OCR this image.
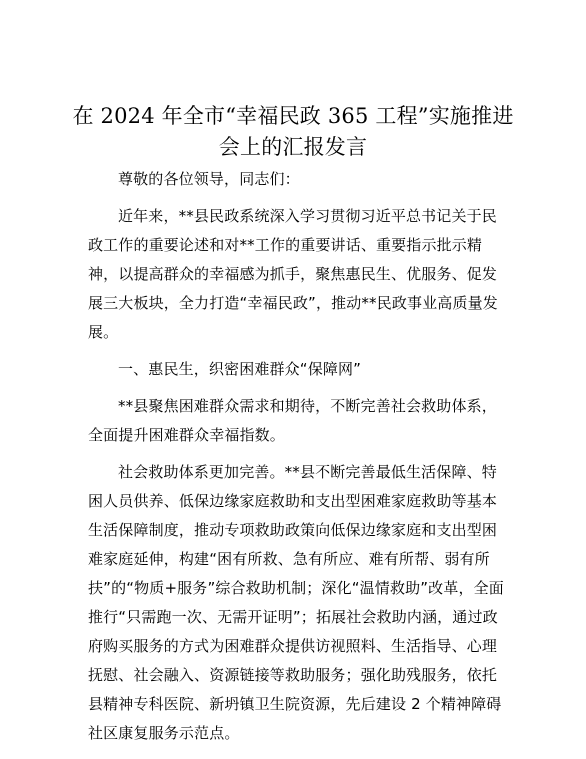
在 2024 年全市“幸福民政 365 工程”实施推进
会上的汇报发言

尊敬的各位领导，同志们：

近年来，**县民政系统深入学习贯彻习近平总书记关于民政工作的重要论述和对**工作的重要讲话、重要指示批示精神，以提高群众的幸福感为抓手，聚焦惠民生、优服务、促发展三大板块，全力打造“幸福民政”，推动**民政事业高质量发展。

一、惠民生，织密困难群众“保障网”

**县聚焦困难群众需求和期待，不断完善社会救助体系，全面提升困难群众幸福指数。

社会救助体系更加完善。**县不断完善最低生活保障、特困人员供养、低保边缘家庭救助和支出型困难家庭救助等基本生活保障制度，推动专项救助政策向低保边缘家庭和支出型困难家庭延伸，构建“困有所救、急有所应、难有所帮、弱有所扶”的“物质+服务”综合救助机制；深化“温情救助”改革，全面推行“只需跑一次、无需开证明”；拓展社会救助内涵，通过政府购买服务的方式为困难群众提供访视照料、生活指导、心理抚慰、社会融入、资源链接等救助服务；强化助残服务，依托县精神专科医院、新坍镇卫生院资源，先后建设 2 个精神障碍社区康复服务示范点。
